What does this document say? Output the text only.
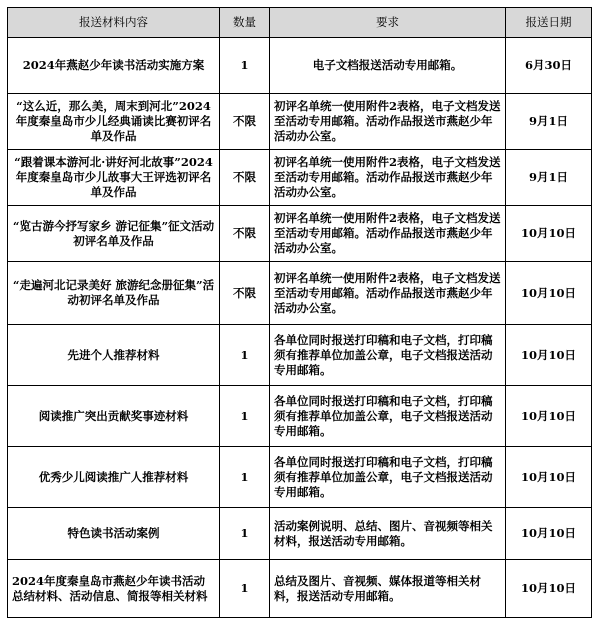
报送材料内容	数量	要求	报送日期
2024年燕赵少年读书活动实施方案	1	电子文档报送活动专用邮箱。	6月30日
“这么近，那么美，周末到河北”2024年度秦皇岛市少儿经典诵读比赛初评名单及作品	不限	初评名单统一使用附件2表格，电子文档发送至活动专用邮箱。活动作品报送市燕赵少年活动办公室。	9月1日
“跟着课本游河北·讲好河北故事”2024年度秦皇岛市少儿故事大王评选初评名单及作品	不限	初评名单统一使用附件2表格，电子文档发送至活动专用邮箱。活动作品报送市燕赵少年活动办公室。	9月1日
“览古游今抒写家乡 游记征集”征文活动初评名单及作品	不限	初评名单统一使用附件2表格，电子文档发送至活动专用邮箱。活动作品报送市燕赵少年活动办公室。	10月10日
“走遍河北记录美好 旅游纪念册征集”活动初评名单及作品	不限	初评名单统一使用附件2表格，电子文档发送至活动专用邮箱。活动作品报送市燕赵少年活动办公室。	10月10日
先进个人推荐材料	1	各单位同时报送打印稿和电子文档，打印稿须有推荐单位加盖公章，电子文档报送活动专用邮箱。	10月10日
阅读推广突出贡献奖事迹材料	1	各单位同时报送打印稿和电子文档，打印稿须有推荐单位加盖公章，电子文档报送活动专用邮箱。	10月10日
优秀少儿阅读推广人推荐材料	1	各单位同时报送打印稿和电子文档，打印稿须有推荐单位加盖公章，电子文档报送活动专用邮箱。	10月10日
特色读书活动案例	1	活动案例说明、总结、图片、音视频等相关材料，报送活动专用邮箱。	10月10日
2024年度秦皇岛市燕赵少年读书活动总结材料、活动信息、简报等相关材料	1	总结及图片、音视频、媒体报道等相关材料，报送活动专用邮箱。	10月10日
